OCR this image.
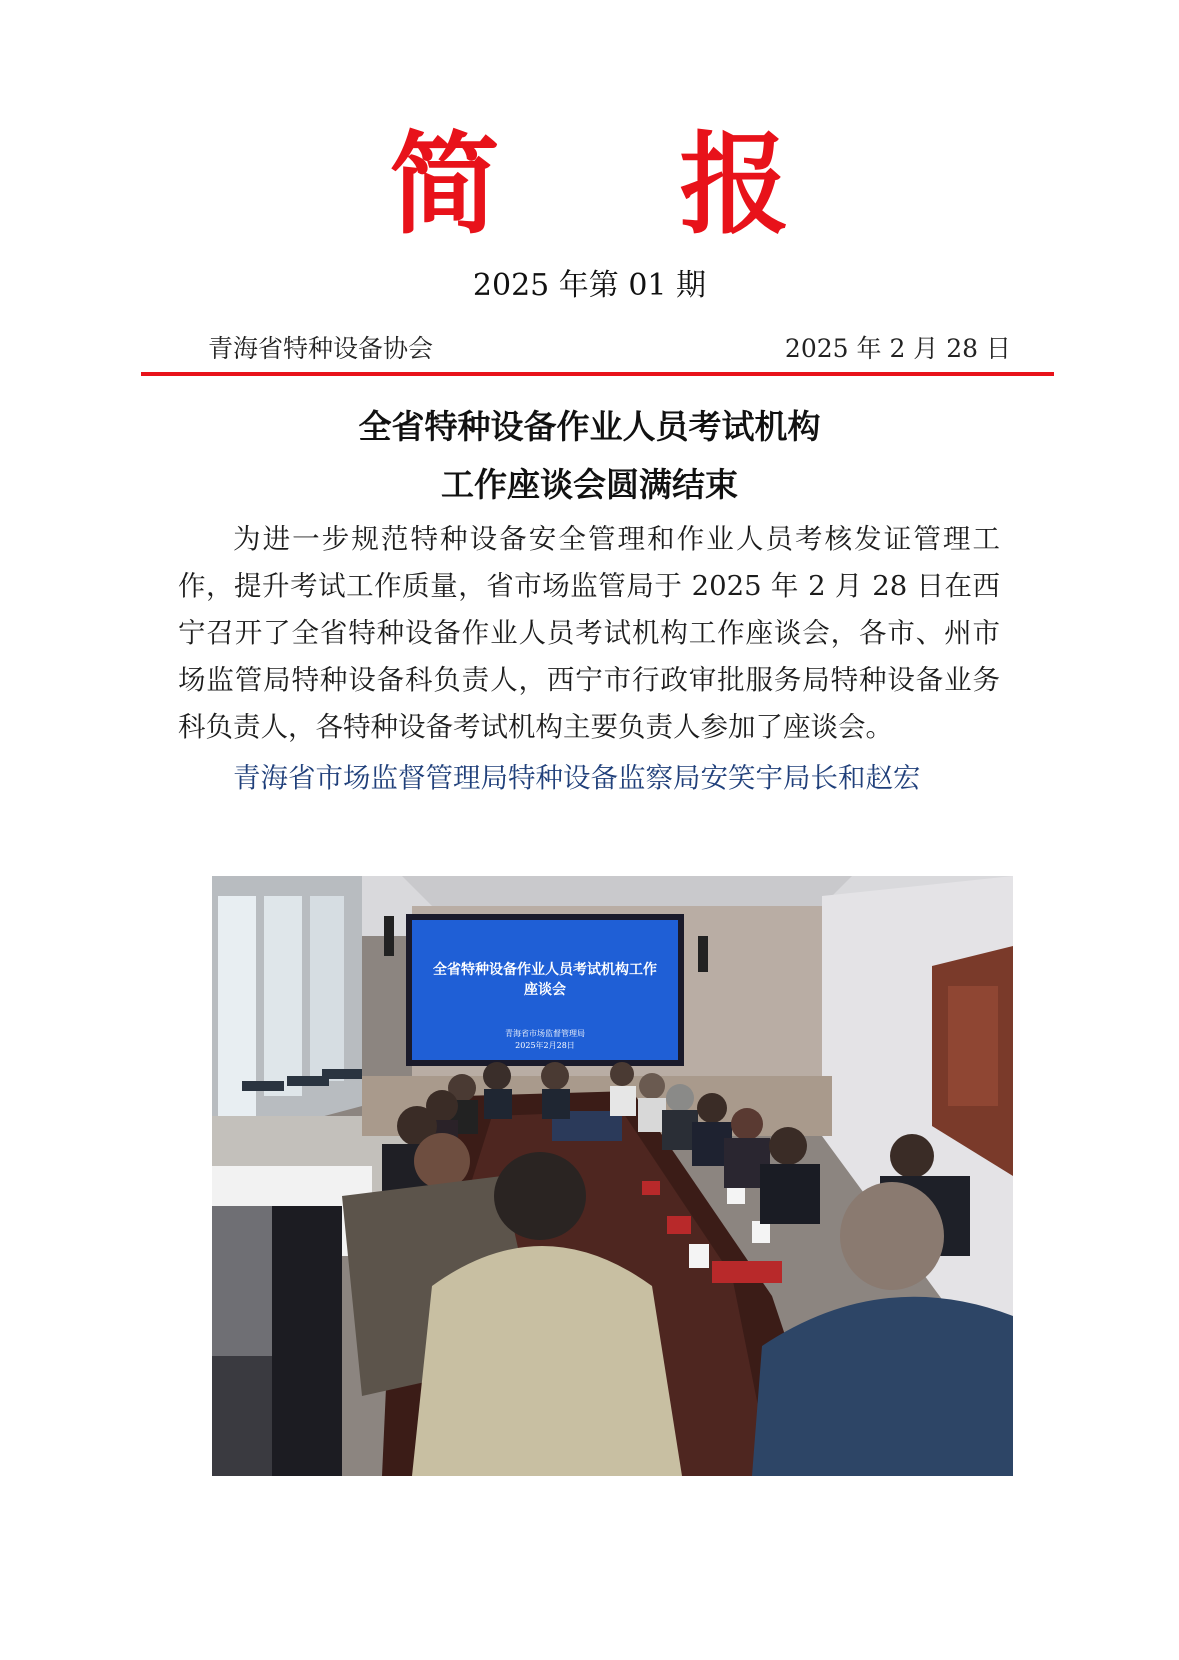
简 报
2025 年第 01 期
青海省特种设备协会	2025 年 2 月 28 日
全省特种设备作业人员考试机构
工作座谈会圆满结束

为进一步规范特种设备安全管理和作业人员考核发证管理工作，提升考试工作质量，省市场监管局于 2025 年 2 月 28 日在西宁召开了全省特种设备作业人员考试机构工作座谈会，各市、州市场监管局特种设备科负责人，西宁市行政审批服务局特种设备业务科负责人，各特种设备考试机构主要负责人参加了座谈会。

青海省市场监督管理局特种设备监察局安笑宇局长和赵宏

全省特种设备作业人员考试机构工作
座谈会
青海省市场监督管理局
2025年2月28日
